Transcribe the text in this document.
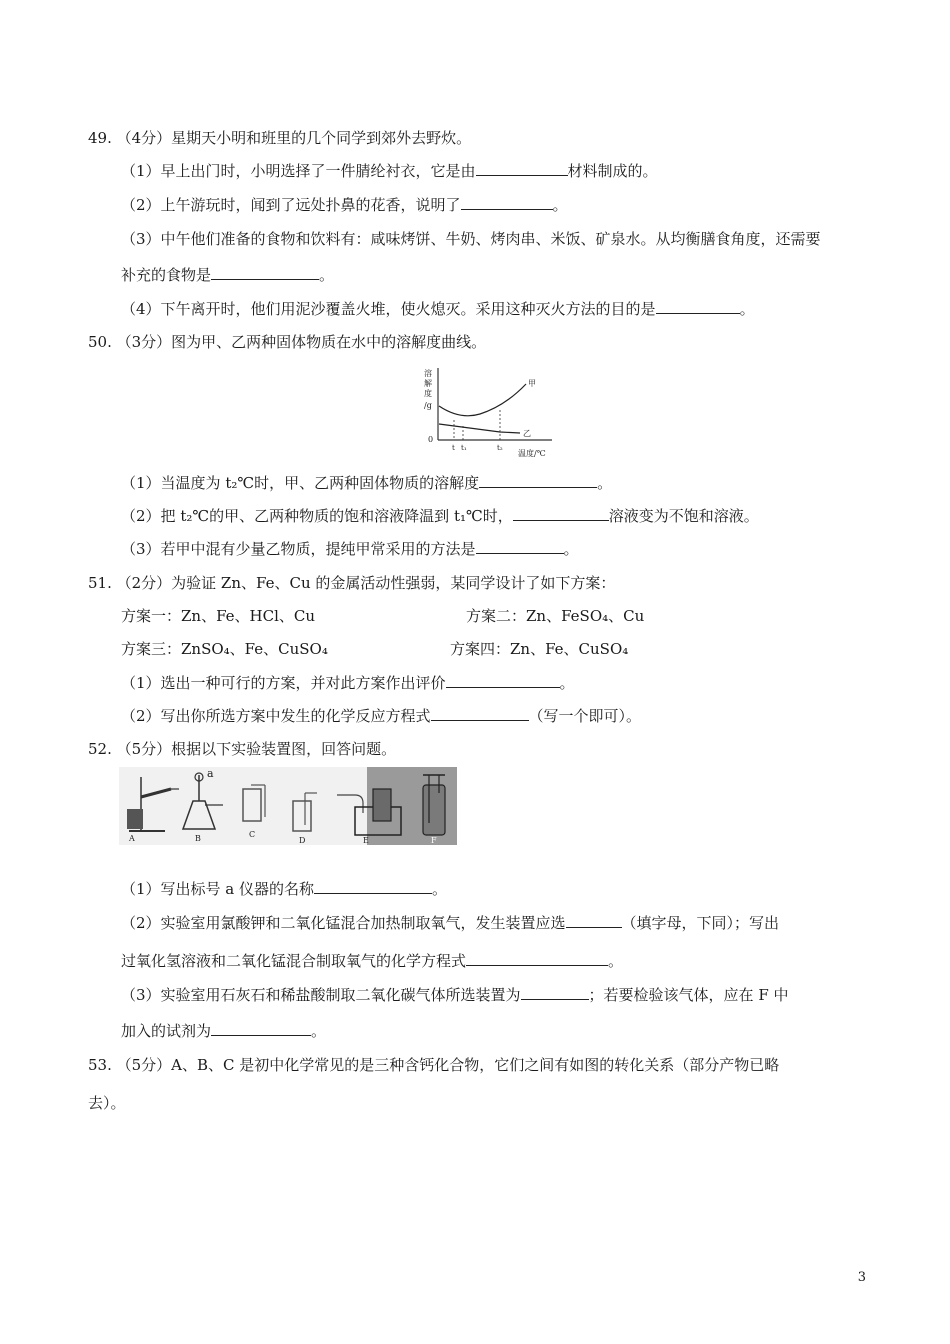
49. （4分）星期天小明和班里的几个同学到郊外去野炊。
（1）早上出门时，小明选择了一件腈纶衬衣，它是由	材料制成的。
（2）上午游玩时，闻到了远处扑鼻的花香，说明了	。
（3）中午他们准备的食物和饮料有：咸味烤饼、牛奶、烤肉串、米饭、矿泉水。从均衡膳食角度，还需要
补充的食物是	。
（4）下午离开时，他们用泥沙覆盖火堆，使火熄灭。采用这种灭火方法的目的是	。
50. （3分）图为甲、乙两种固体物质在水中的溶解度曲线。
溶
解
度
/g
0
甲
乙
t t₁	t₂
温度/℃
（1）当温度为 t₂℃时，甲、乙两种固体物质的溶解度	。
（2）把 t₂℃的甲、乙两种物质的饱和溶液降温到 t₁℃时，	溶液变为不饱和溶液。
（3）若甲中混有少量乙物质，提纯甲常采用的方法是	。
51. （2分）为验证 Zn、Fe、Cu 的金属活动性强弱，某同学设计了如下方案：
方案一：Zn、Fe、HCl、Cu	方案二：Zn、FeSO₄、Cu
方案三：ZnSO₄、Fe、CuSO₄	方案四：Zn、Fe、CuSO₄
（1）选出一种可行的方案，并对此方案作出评价	。
（2）写出你所选方案中发生的化学反应方程式	（写一个即可）。
52. （5分）根据以下实验装置图，回答问题。
A
a
B	C
D	E	F
（1）写出标号 a 仪器的名称	。
（2）实验室用氯酸钾和二氧化锰混合加热制取氧气，发生装置应选	（填字母，下同）；写出
过氧化氢溶液和二氧化锰混合制取氧气的化学方程式	。
（3）实验室用石灰石和稀盐酸制取二氧化碳气体所选装置为	；若要检验该气体，应在 F 中
加入的试剂为	。
53. （5分）A、B、C 是初中化学常见的是三种含钙化合物，它们之间有如图的转化关系（部分产物已略
去）。
3
